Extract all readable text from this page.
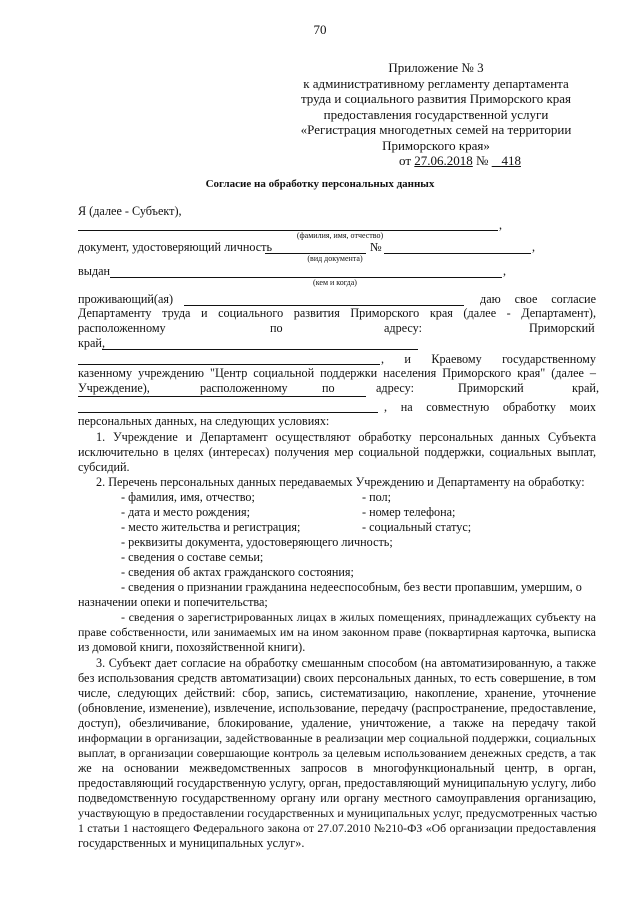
70
Приложение № 3
к административному регламенту департамента
труда и социального развития Приморского края
предоставления государственной услуги
«Регистрация многодетных семей на территории
Приморского края»
от 27.06.2018 № 418
Согласие на обработку персональных данных
Я (далее - Субъект),
,
(фамилия, имя, отчество)
документ, удостоверяющий личность	№	,
(вид документа)
выдан	,
(кем и когда)
проживающий(ая)	даю свое согласие
Департаменту труда и социального развития Приморского края (далее - Департамент),
расположенному	по	адресу:	Приморский
край,
, и Краевому государственному
казенному учреждению "Центр социальной поддержки населения Приморского края" (далее –
Учреждение),	расположенному	по	адресу:	Приморский	край,
, на совместную обработку моих
персональных данных, на следующих условиях:
1. Учреждение и Департамент осуществляют обработку персональных данных Субъекта
исключительно в целях (интересах) получения мер социальной поддержки, социальных выплат,
субсидий.
2. Перечень персональных данных передаваемых Учреждению и Департаменту на обработку:
- фамилия, имя, отчество;	- пол;
- дата и место рождения;	- номер телефона;
- место жительства и регистрация;	- социальный статус;
- реквизиты документа, удостоверяющего личность;
- сведения о составе семьи;
- сведения об актах гражданского состояния;
- сведения о признании гражданина недееспособным, без вести пропавшим, умершим, о
назначении опеки и попечительства;
- сведения о зарегистрированных лицах в жилых помещениях, принадлежащих субъекту на
праве собственности, или занимаемых им на ином законном праве (поквартирная карточка, выписка
из домовой книги, похозяйственной книги).
3. Субъект дает согласие на обработку смешанным способом (на автоматизированную, а также
без использования средств автоматизации) своих персональных данных, то есть совершение, в том
числе, следующих действий: сбор, запись, систематизацию, накопление, хранение, уточнение
(обновление, изменение), извлечение, использование, передачу (распространение, предоставление,
доступ), обезличивание, блокирование, удаление, уничтожение, а также на передачу такой
информации в организации, задействованные в реализации мер социальной поддержки, социальных
выплат, в организации совершающие контроль за целевым использованием денежных средств, а так
же на основании межведомственных запросов в многофункциональный центр, в орган,
предоставляющий государственную услугу, орган, предоставляющий муниципальную услугу, либо
подведомственную государственному органу или органу местного самоуправления организацию,
участвующую в предоставлении государственных и муниципальных услуг, предусмотренных частью
1 статьи 1 настоящего Федерального закона от 27.07.2010 №210-ФЗ «Об организации предоставления
государственных и муниципальных услуг».
